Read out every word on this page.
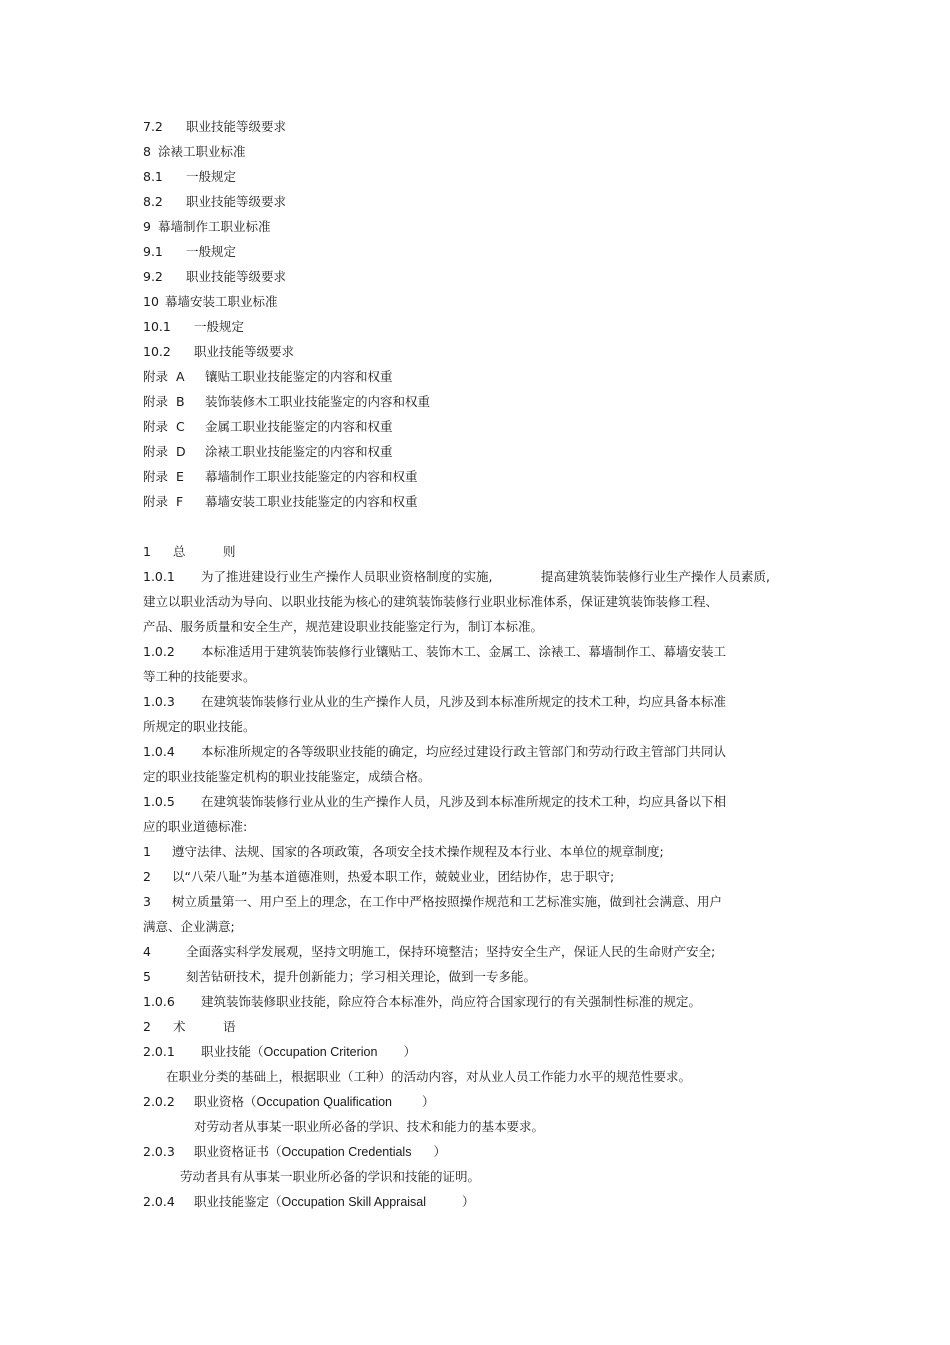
7.2 职业技能等级要求
8 涂裱工职业标准
8.1 一般规定
8.2 职业技能等级要求
9 幕墙制作工职业标准
9.1 一般规定
9.2 职业技能等级要求
10 幕墙安装工职业标准
10.1 一般规定
10.2 职业技能等级要求
附录  A 镶贴工职业技能鉴定的内容和权重
附录  B 装饰装修木工职业技能鉴定的内容和权重
附录  C 金属工职业技能鉴定的内容和权重
附录  D 涂裱工职业技能鉴定的内容和权重
附录  E 幕墙制作工职业技能鉴定的内容和权重
附录  F 幕墙安装工职业技能鉴定的内容和权重
1 总	则
1.0.1 为了推进建设行业生产操作人员职业资格制度的实施,	提高建筑装饰装修行业生产操作人员素质,
建立以职业活动为导向、以职业技能为核心的建筑装饰装修行业职业标准体系，保证建筑装饰装修工程、
产品、服务质量和安全生产，规范建设职业技能鉴定行为，制订本标准。
1.0.2 本标准适用于建筑装饰装修行业镶贴工、装饰木工、金属工、涂裱工、幕墙制作工、幕墙安装工
等工种的技能要求。
1.0.3 在建筑装饰装修行业从业的生产操作人员，凡涉及到本标准所规定的技术工种，均应具备本标准
所规定的职业技能。
1.0.4 本标准所规定的各等级职业技能的确定，均应经过建设行政主管部门和劳动行政主管部门共同认
定的职业技能鉴定机构的职业技能鉴定，成绩合格。
1.0.5 在建筑装饰装修行业从业的生产操作人员，凡涉及到本标准所规定的技术工种，均应具备以下相
应的职业道德标准:
1 遵守法律、法规、国家的各项政策，各项安全技术操作规程及本行业、本单位的规章制度;
2 以“八荣八耻”为基本道德准则，热爱本职工作，兢兢业业，团结协作，忠于职守;
3 树立质量第一、用户至上的理念，在工作中严格按照操作规范和工艺标准实施，做到社会满意、用户
满意、企业满意;
4	全面落实科学发展观，坚持文明施工，保持环境整洁；坚持安全生产，保证人民的生命财产安全;
5	刻苦钻研技术，提升创新能力；学习相关理论，做到一专多能。
1.0.6 建筑装饰装修职业技能，除应符合本标准外，尚应符合国家现行的有关强制性标准的规定。
2 术	语
2.0.1 职业技能（Occupation Criterion ）
在职业分类的基础上，根据职业（工种）的活动内容，对从业人员工作能力水平的规范性要求。
2.0.2 职业资格（Occupation Qualification ）
对劳动者从事某一职业所必备的学识、技术和能力的基本要求。
2.0.3 职业资格证书（Occupation Credentials ）
劳动者具有从事某一职业所必备的学识和技能的证明。
2.0.4 职业技能鉴定（Occupation Skill Appraisal	）
